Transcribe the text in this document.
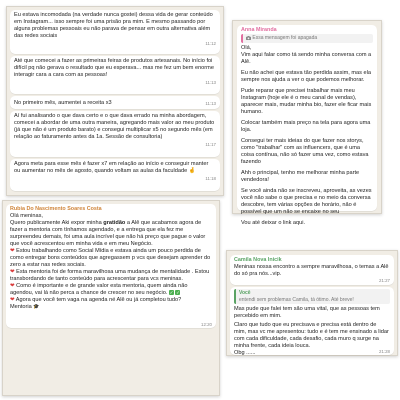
Eu estava incomodada (na verdade nunca gostei) dessa vida de gerar conteúdo em Instagram... isso sempre foi uma prisão pra mim. E mesmo passando por alguns problemas pessoais eu não parava de pensar em outra alternativa além das redes sociais

11:12

Até que comecei a fazer as primeiras feiras de produtos artesanais. No início foi difícil pq não gerava o resultado que eu esperava... mas me fez um bem enorme interagir cara a cara com as pessoas!

11:13

No primeiro mês, aumentei a receita x3	11:13

Aí fui analisando o que dava certo e o que dava errado na minha abordagem, comecei a abordar de uma outra maneira, agregando mais valor ao meu produto (já que não é um produto barato) e consegui multiplicar x5 no segundo mês (em relação ao faturamento antes da 1a. Sessão de consultoria)

11:17

Agora meta para esse mês é fazer x7 em relação ao início e conseguir manter ou aumentar no mês de agosto, quando voltam as aulas da faculdade 🤞

11:18
Anna Miranda
Essa mensagem foi apagada

Olá,

Vim aqui falar como tá sendo minha conversa com a Alê.

Eu não achei que estava tão perdida assim, mas ela sempre nos ajuda a ver o que podemos melhorar.

Pude reparar que precisei trabalhar mais meu Instagram (hoje ele é o meu canal de vendas), aparecer mais, mudar minha bio, fazer ele ficar mais humano.

Colocar também mais preço na tela para agora uma loja.

Consegui ter mais ideias do que fazer nos storys, como "trabalhar" com as influencers, que é uma coisa contínua, não só fazer uma vez, como estava fazendo

Ahh o principal, tenho me melhorar minha parte vendedora!

Se você ainda não se inscreveu, aproveita, as vezes você não sabe o que precisa e no meio da conversa descobre, tem várias opções de horário, não é possível que um não se encaixe no seu

Vou até deixar o link aqui.

Rubia Do Nascimento Soares Costa

Olá meninas,

Quero publicamente Aki expor minha gratidão a Alê que acabamos agora de fazer a mentoria com tínhamos agendado, e a entrega que ela fez me surpreendeu demais, foi uma aula incrível que não há preço que pague o valor que você acrescentou em minha vida e em meu Negócio.

❤ Estou trabalhando como Social Mídia e estava ainda um pouco perdida de como entregar bons conteúdos que agregassem p vcs que desejam aprender do zero a estar nas redes sociais.

❤ Esta mentoria foi de forma maravilhosa uma mudança de mentalidade . Estou transbordando de tanto conteúdo para acrescentar para vcs meninas.

❤ Como é importante e de grande valor esta mentoria, quem ainda não agendou, vai lá não perca a chance de crescer no seu negócio. ✓ ✓

❤ Agora que você tem vaga na agenda né Alê ou já completou tudo?

Mentoria 🎓

12:20
Camila Nova Inicik

Meninas nossa encontro a sempre maravilhosa, o temas a Alê do só pra nós...vip.

21:27
Você
entendi sem problemas Camila, tá ótimo. Até breve!

Mas pude que falei tem são uma vital, que as pessoas tem percebido em mim.

Claro que tudo que eu precisava e precisa está dentro de mim, mas vc me apresentou: tudo e é tem me ensinado a lidar com cada dificuldade, cada desafio, cada muro q surge na minha frente, cada ideia louca.

Obg ......	21:28
